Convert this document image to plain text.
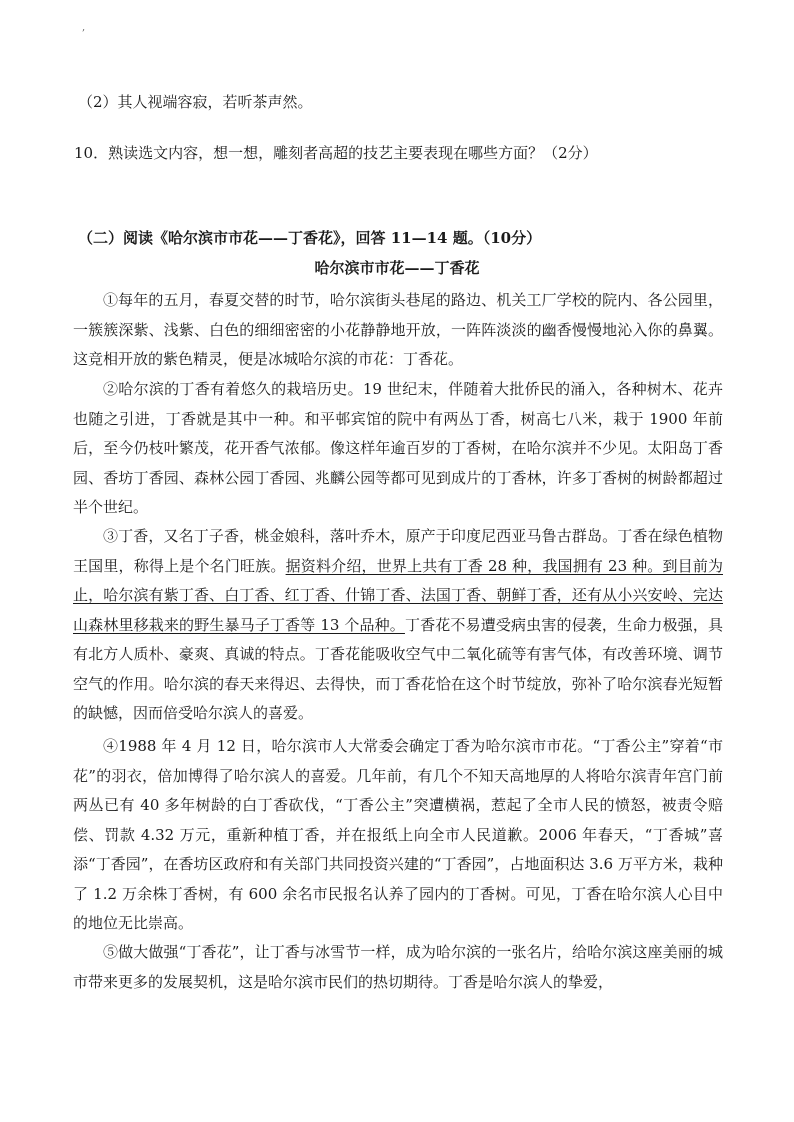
,
（2）其人视端容寂，若听茶声然。
10．熟读选文内容，想一想，雕刻者高超的技艺主要表现在哪些方面？（2分）
（二）阅读《哈尔滨市市花——丁香花》，回答 11—14 题。（10分）
哈尔滨市市花——丁香花
①每年的五月，春夏交替的时节，哈尔滨街头巷尾的路边、机关工厂学校的院内、各公园里，一簇簇深紫、浅紫、白色的细细密密的小花静静地开放，一阵阵淡淡的幽香慢慢地沁入你的鼻翼。这竞相开放的紫色精灵，便是冰城哈尔滨的市花：丁香花。
②哈尔滨的丁香有着悠久的栽培历史。19 世纪末，伴随着大批侨民的涌入，各种树木、花卉也随之引进，丁香就是其中一种。和平邨宾馆的院中有两丛丁香，树高七八米，栽于 1900 年前后，至今仍枝叶繁茂，花开香气浓郁。像这样年逾百岁的丁香树，在哈尔滨并不少见。太阳岛丁香园、香坊丁香园、森林公园丁香园、兆麟公园等都可见到成片的丁香林，许多丁香树的树龄都超过半个世纪。
③丁香，又名丁子香，桃金娘科，落叶乔木，原产于印度尼西亚马鲁古群岛。丁香在绿色植物王国里，称得上是个名门旺族。据资料介绍，世界上共有丁香 28 种，我国拥有 23 种。到目前为止，哈尔滨有紫丁香、白丁香、红丁香、什锦丁香、法国丁香、朝鲜丁香，还有从小兴安岭、完达山森林里移栽来的野生暴马子丁香等 13 个品种。丁香花不易遭受病虫害的侵袭，生命力极强，具有北方人质朴、豪爽、真诚的特点。丁香花能吸收空气中二氧化硫等有害气体，有改善环境、调节空气的作用。哈尔滨的春天来得迟、去得快，而丁香花恰在这个时节绽放，弥补了哈尔滨春光短暂的缺憾，因而倍受哈尔滨人的喜爱。
④1988 年 4 月 12 日，哈尔滨市人大常委会确定丁香为哈尔滨市市花。“丁香公主”穿着“市花”的羽衣，倍加博得了哈尔滨人的喜爱。几年前，有几个不知天高地厚的人将哈尔滨青年宫门前两丛已有 40 多年树龄的白丁香砍伐，“丁香公主”突遭横祸，惹起了全市人民的愤怒，被责令赔偿、罚款 4.32 万元，重新种植丁香，并在报纸上向全市人民道歉。2006 年春天，“丁香城”喜添“丁香园”，在香坊区政府和有关部门共同投资兴建的“丁香园”，占地面积达 3.6 万平方米，栽种了 1.2 万余株丁香树，有 600 余名市民报名认养了园内的丁香树。可见，丁香在哈尔滨人心目中的地位无比崇高。
⑤做大做强“丁香花”，让丁香与冰雪节一样，成为哈尔滨的一张名片，给哈尔滨这座美丽的城市带来更多的发展契机，这是哈尔滨市民们的热切期待。丁香是哈尔滨人的挚爱，
